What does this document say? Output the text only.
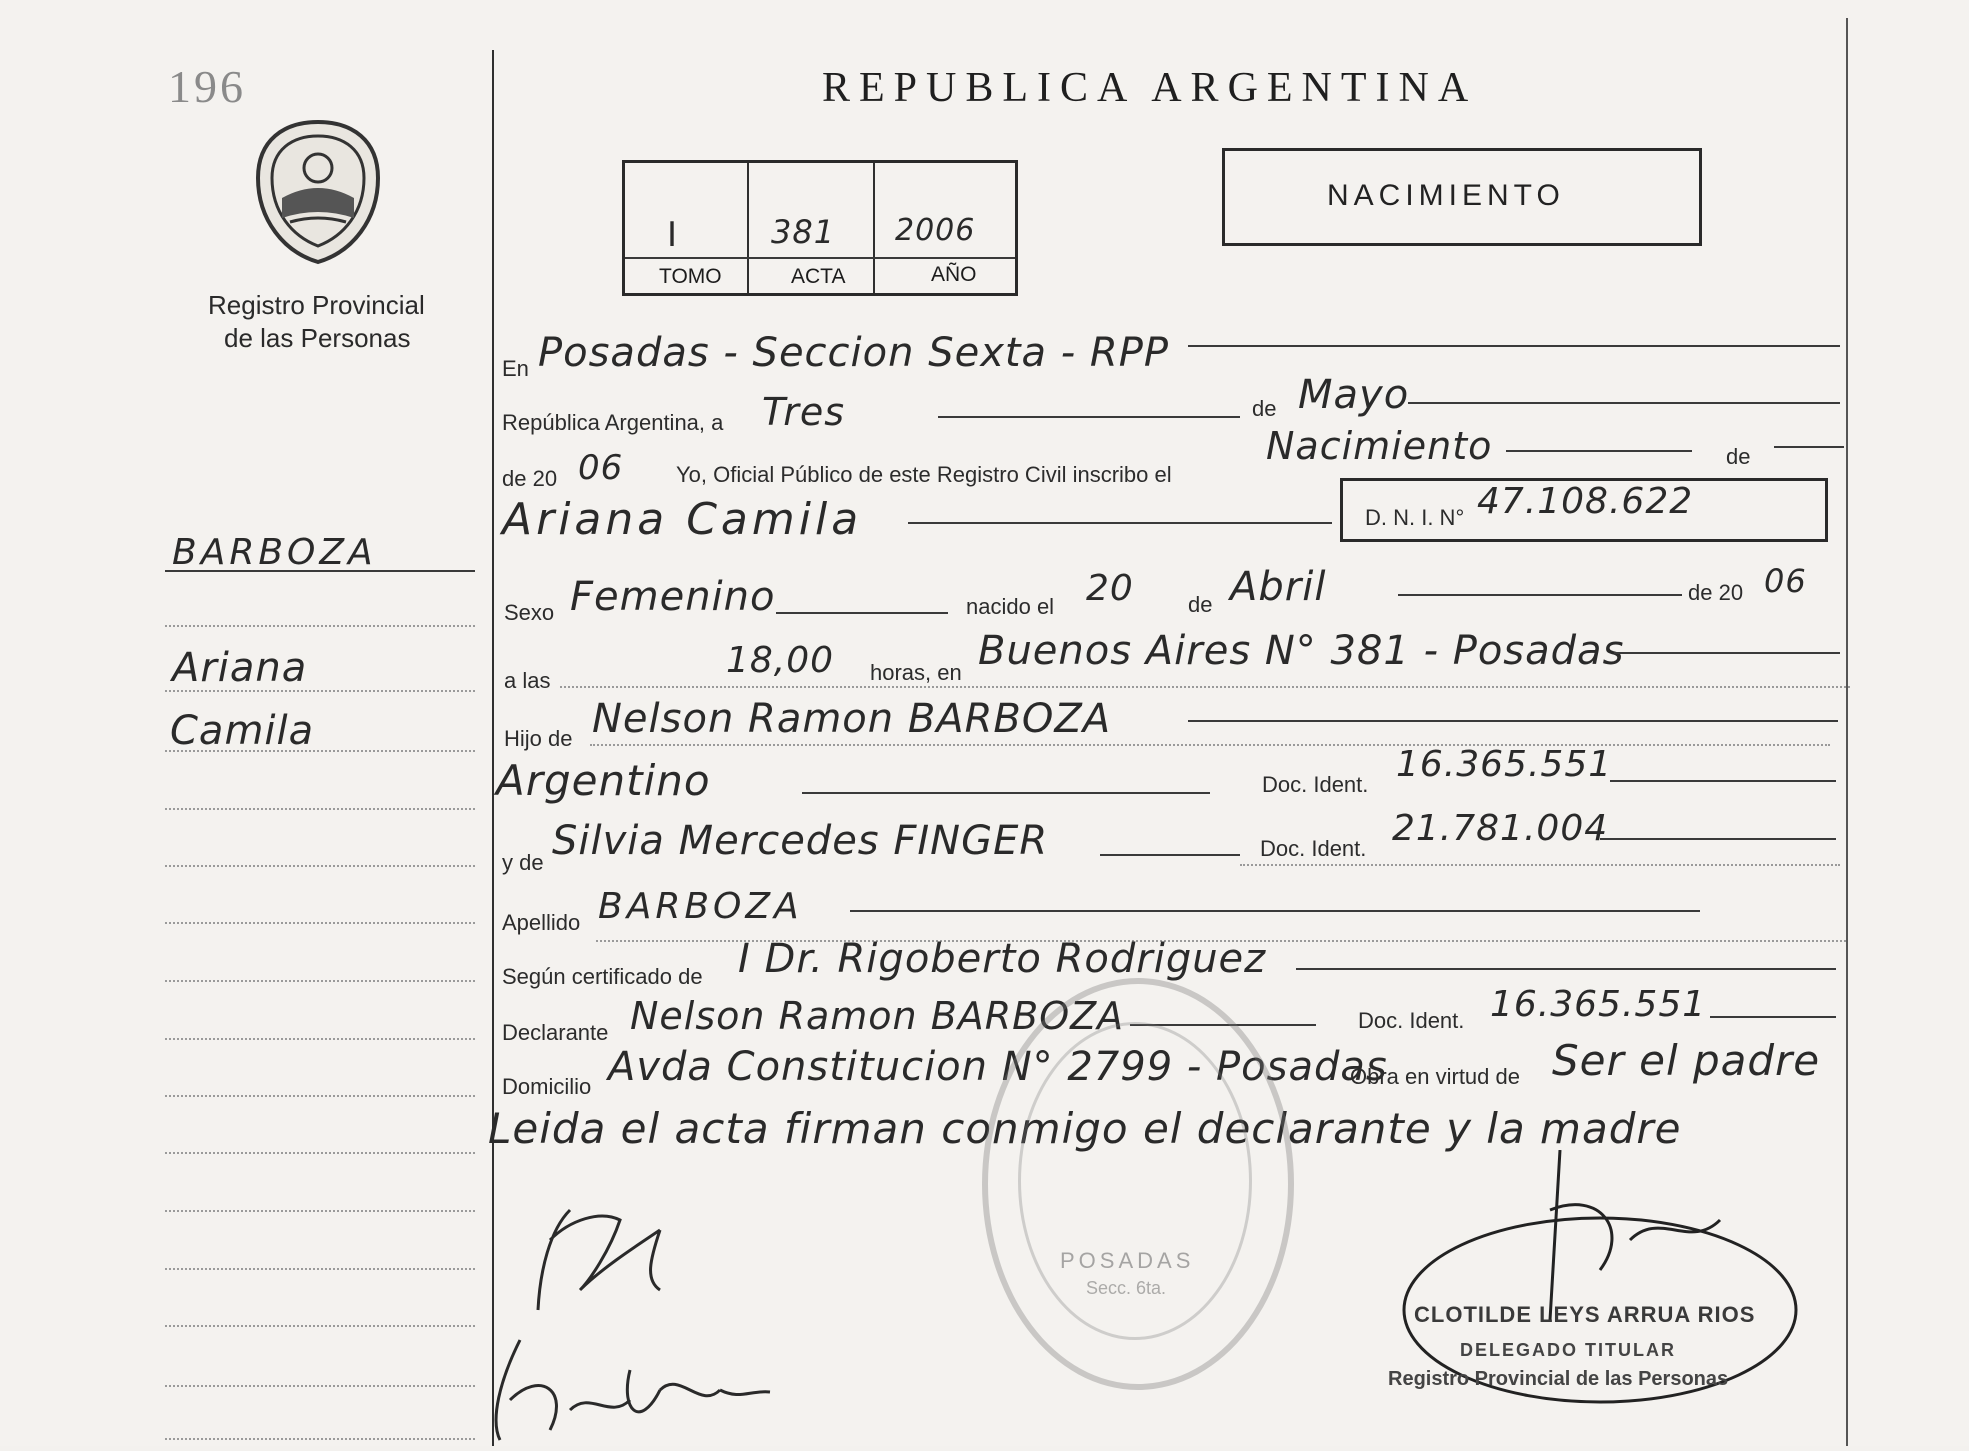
196
Registro Provincial
de las Personas
BARBOZA
Ariana
Camila
REPUBLICA ARGENTINA
I	381 2006
TOMO	ACTA	AÑO
NACIMIENTO
En Posadas - Seccion Sexta - RPP
República Argentina, a Tres	de Mayo
de 20 06 Yo, Oficial Público de este Registro Civil inscribo el
Nacimiento	de
Ariana Camila	D. N. I. N° 47.108.622
Sexo Femenino	nacido el 20 de Abril	de 20 06
a las	18,00 horas, en Buenos Aires N° 381 - Posadas
Hijo de Nelson Ramon BARBOZA
Argentino	Doc. Ident. 16.365.551
y de Silvia Mercedes FINGER	Doc. Ident. 21.781.004
Apellido BARBOZA
Según certificado de I Dr. Rigoberto Rodriguez
Declarante Nelson Ramon BARBOZA	Doc. Ident. 16.365.551
Domicilio Avda Constitucion N° 2799 - Posadas
Obra en virtud de Ser el padre
Leida el acta firman conmigo el declarante y la madre
POSADAS
Secc. 6ta.
CLOTILDE LEYS ARRUA RIOS
DELEGADO TITULAR
Registro Provincial de las Personas
